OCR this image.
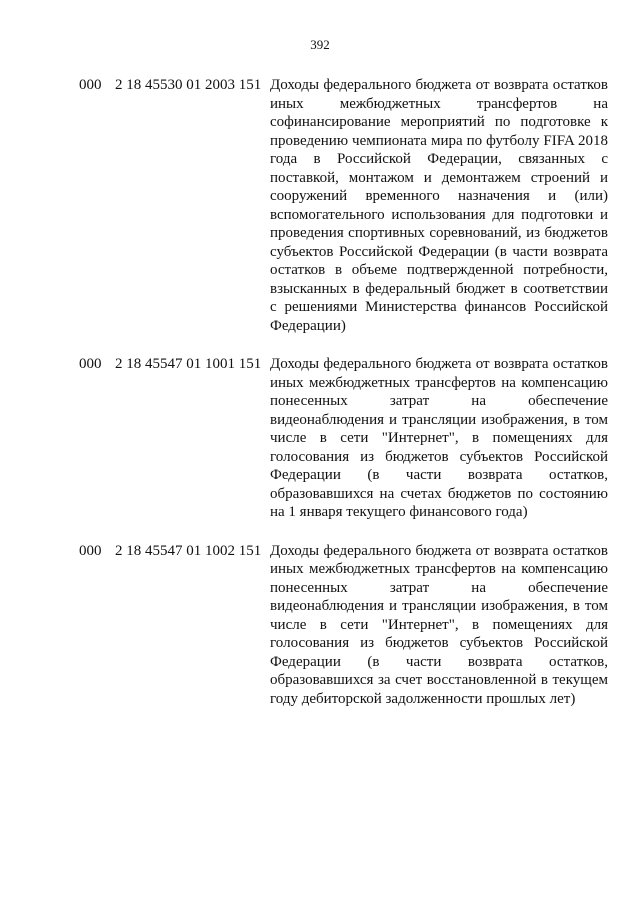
392
000 2 18 45530 01 2003 151 Доходы федерального бюджета от возврата остатков иных межбюджетных трансфертов на софинансирование мероприятий по подготовке к проведению чемпионата мира по футболу FIFA 2018 года в Российской Федерации, связанных с поставкой, монтажом и демонтажем строений и сооружений временного назначения и (или) вспомогательного использования для подготовки и проведения спортивных соревнований, из бюджетов субъектов Российской Федерации (в части возврата остатков в объеме подтвержденной потребности, взысканных в федеральный бюджет в соответствии с решениями Министерства финансов Российской Федерации)
000 2 18 45547 01 1001 151 Доходы федерального бюджета от возврата остатков иных межбюджетных трансфертов на компенсацию понесенных затрат на обеспечение видеонаблюдения и трансляции изображения, в том числе в сети "Интернет", в помещениях для голосования из бюджетов субъектов Российской Федерации (в части возврата остатков, образовавшихся на счетах бюджетов по состоянию на 1 января текущего финансового года)
000 2 18 45547 01 1002 151 Доходы федерального бюджета от возврата остатков иных межбюджетных трансфертов на компенсацию понесенных затрат на обеспечение видеонаблюдения и трансляции изображения, в том числе в сети "Интернет", в помещениях для голосования из бюджетов субъектов Российской Федерации (в части возврата остатков, образовавшихся за счет восстановленной в текущем году дебиторской задолженности прошлых лет)
